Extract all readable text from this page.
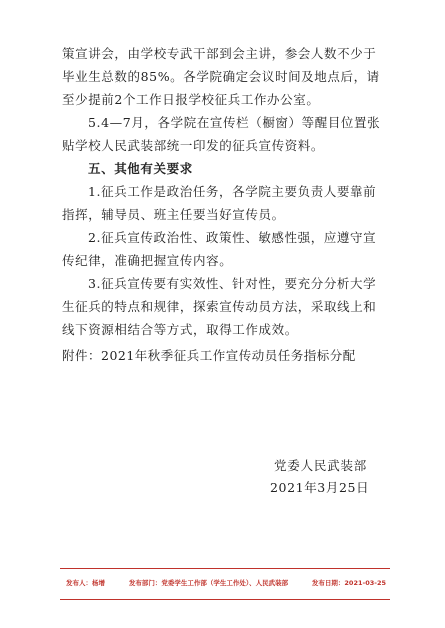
策宣讲会，由学校专武干部到会主讲，参会人数不少于毕业生总数的85%。各学院确定会议时间及地点后，请至少提前2个工作日报学校征兵工作办公室。

5.4—7月，各学院在宣传栏（橱窗）等醒目位置张贴学校人民武装部统一印发的征兵宣传资料。

五、其他有关要求

1.征兵工作是政治任务，各学院主要负责人要靠前指挥，辅导员、班主任要当好宣传员。

2.征兵宣传政治性、政策性、敏感性强，应遵守宣传纪律，准确把握宣传内容。

3.征兵宣传要有实效性、针对性，要充分分析大学生征兵的特点和规律，探索宣传动员方法，采取线上和线下资源相结合等方式，取得工作成效。

附件：2021年秋季征兵工作宣传动员任务指标分配
党委人民武装部
2021年3月25日
发布人：杨增	发布部门：党委学生工作部（学生工作处）、人民武装部	发布日期：2021-03-25
